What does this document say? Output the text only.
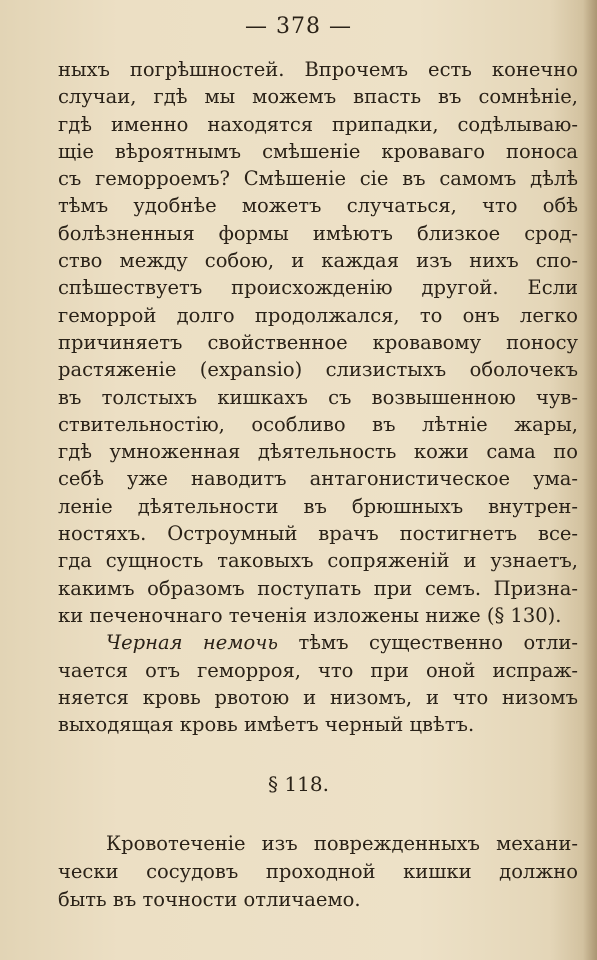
— 378 —
ныхъ погрѣшностей. Впрочемъ есть конечно
случаи, гдѣ мы можемъ впасть въ сомнѣніе,
гдѣ именно находятся припадки, содѣлываю-
щіе вѣроятнымъ смѣшеніе кроваваго поноса
съ геморроемъ? Смѣшеніе сіе въ самомъ дѣлѣ
тѣмъ удобнѣе можетъ случаться, что обѣ
болѣзненныя формы имѣютъ близкое срод-
ство между собою, и каждая изъ нихъ спо-
спѣшествуетъ происхожденію другой. Если
геморрой долго продолжался, то онъ легко
причиняетъ свойственное кровавому поносу
растяженіе (expansio) слизистыхъ оболочекъ
въ толстыхъ кишкахъ съ возвышенною чув-
ствительностію, особливо въ лѣтніе жары,
гдѣ умноженная дѣятельность кожи сама по
себѣ уже наводитъ антагонистическое ума-
леніе дѣятельности въ брюшныхъ внутрен-
ностяхъ. Остроумный врачъ постигнетъ все-
гда сущность таковыхъ сопряженій и узнаетъ,
какимъ образомъ поступать при семъ. Призна-
ки печеночнаго теченія изложены ниже (§ 130).
Черная немочь тѣмъ существенно отли-
чается отъ геморроя, что при оной испраж-
няется кровь рвотою и низомъ, и что низомъ
выходящая кровь имѣетъ черный цвѣтъ.
§ 118.
Кровотеченіе изъ поврежденныхъ механи-
чески сосудовъ проходной кишки должно
быть въ точности отличаемо.
